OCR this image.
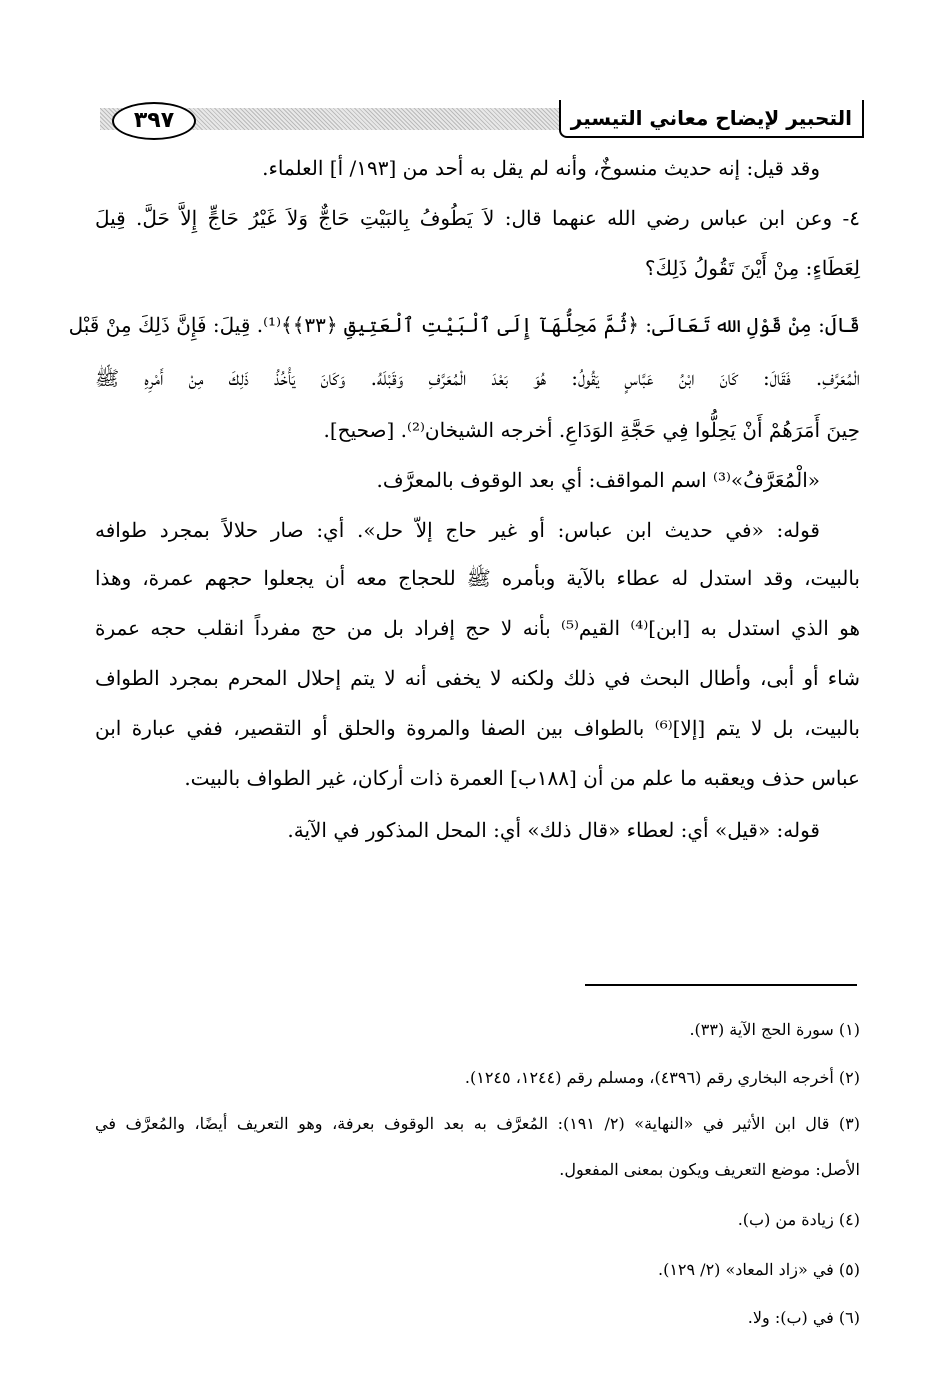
٣٩٧	التحبير لإيضاح معاني التيسير
وقد قيل: إنه حديث منسوخٌ، وأنه لم يقل به أحد من [١٩٣/ أ] العلماء.
٤- وعن ابن عباس رضي الله عنهما قال: لاَ يَطُوفُ بِالبَيْتِ حَاجٌّ وَلاَ غَيْرُ حَاجٍّ إِلاَّ حَلَّ. قِيلَ
لِعَطَاءٍ: مِنْ أَيْنَ تَقُولُ ذَلِكَ؟
قَالَ: مِنْ قَوْلِ الله تَعَالَى: ﴿ثُمَّ مَحِلُّهَآ إِلَى ٱلْبَيْتِ ٱلْعَتِيقِ ﴿٣٣﴾﴾⁽¹⁾. قِيلَ: فَإِنَّ ذَلِكَ مِنْ قَبْل
الْمُعَرَّفِ. فَقَالَ: كَانَ ابْنُ عَبَّاسٍ يَقُولُ: هُوَ بَعْدَ الْمُعَرَّفِ وَقَبْلَهُ. وَكَانَ يَأْخُذُ ذَلِكَ مِنْ أَمْرِهِ ﷺ
حِينَ أَمَرَهُمْ أَنْ يَحِلُّوا فِي حَجَّةِ الوَدَاعِ. أخرجه الشيخان⁽²⁾. [صحيح].
«الْمُعَرَّفُ»⁽³⁾ اسم المواقف: أي بعد الوقوف بالمعرَّف.
قوله: «في حديث ابن عباس: أو غير حاج إلاّ حل». أي: صار حلالاً بمجرد طوافه
بالبيت، وقد استدل له عطاء بالآية وبأمره ﷺ للحجاج معه أن يجعلوا حجهم عمرة، وهذا
هو الذي استدل به [ابن]⁽⁴⁾ القيم⁽⁵⁾ بأنه لا حج إفراد بل من حج مفرداً انقلب حجه عمرة
شاء أو أبى، وأطال البحث في ذلك ولكنه لا يخفى أنه لا يتم إحلال المحرم بمجرد الطواف
بالبيت، بل لا يتم [إلا]⁽⁶⁾ بالطواف بين الصفا والمروة والحلق أو التقصير، ففي عبارة ابن
عباس حذف ويعقبه ما علم من أن [١٨٨ب] العمرة ذات أركان، غير الطواف بالبيت.
قوله: «قيل» أي: لعطاء «قال ذلك» أي: المحل المذكور في الآية.
(١) سورة الحج الآية (٣٣).
(٢) أخرجه البخاري رقم (٤٣٩٦)، ومسلم رقم (١٢٤٤، ١٢٤٥).
(٣) قال ابن الأثير في «النهاية» (٢/ ١٩١): المُعرَّف به بعد الوقوف بعرفة، وهو التعريف أيضًا، والمُعرَّف في
الأصل: موضع التعريف ويكون بمعنى المفعول.
(٤) زيادة من (ب).
(٥) في «زاد المعاد» (٢/ ١٢٩).
(٦) في (ب): ولا.
